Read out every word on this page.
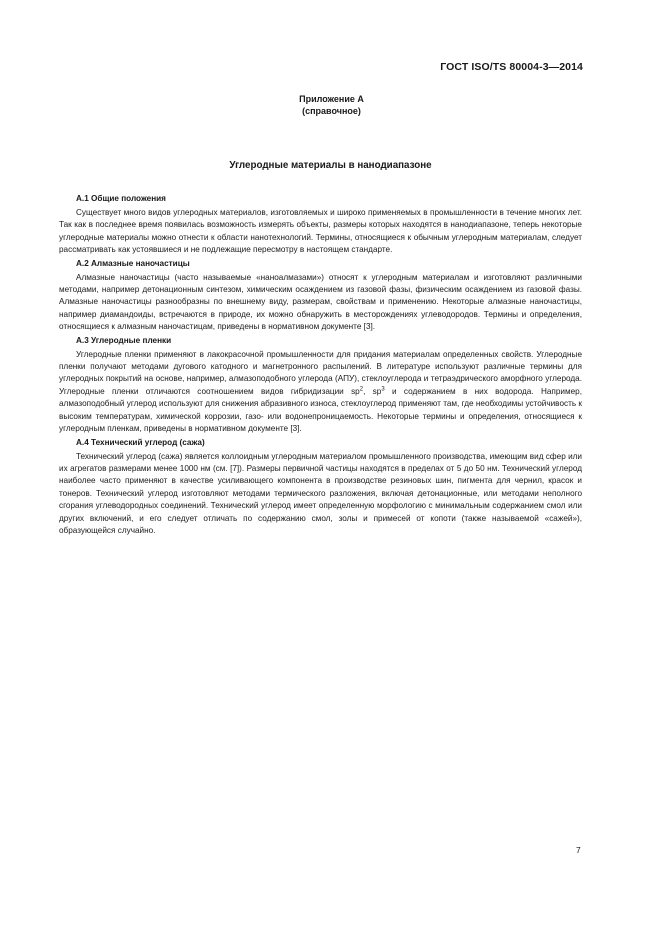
ГОСТ ISO/TS 80004-3—2014
Приложение А
(справочное)
Углеродные материалы в нанодиапазоне

А.1 Общие положения

Существует много видов углеродных материалов, изготовляемых и широко применяемых в промышленности в течение многих лет. Так как в последнее время появилась возможность измерять объекты, размеры которых находятся в нанодиапазоне, теперь некоторые углеродные материалы можно отнести к области нанотехнологий. Термины, относящиеся к обычным углеродным материалам, следует рассматривать как устоявшиеся и не подлежащие пересмотру в настоящем стандарте.

А.2 Алмазные наночастицы

Алмазные наночастицы (часто называемые «наноалмазами») относят к углеродным материалам и изготовляют различными методами, например детонационным синтезом, химическим осаждением из газовой фазы, физическим осаждением из газовой фазы. Алмазные наночастицы разнообразны по внешнему виду, размерам, свойствам и применению. Некоторые алмазные наночастицы, например диамандоиды, встречаются в природе, их можно обнаружить в месторождениях углеводородов. Термины и определения, относящиеся к алмазным наночастицам, приведены в нормативном документе [3].

А.3 Углеродные пленки

Углеродные пленки применяют в лакокрасочной промышленности для придания материалам определенных свойств. Углеродные пленки получают методами дугового катодного и магнетронного распылений. В литературе используют различные термины для углеродных покрытий на основе, например, алмазоподобного углерода (АПУ), стеклоуглерода и тетраэдрического аморфного углерода. Углеродные пленки отличаются соотношением видов гибридизации $sp^2$, $sp^3$ и содержанием в них водорода. Например, алмазоподобный углерод используют для снижения абразивного износа, стеклоуглерод применяют там, где необходимы устойчивость к высоким температурам, химической коррозии, газо- или водонепроницаемость. Некоторые термины и определения, относящиеся к углеродным пленкам, приведены в нормативном документе [3].

А.4 Технический углерод (сажа)

Технический углерод (сажа) является коллоидным углеродным материалом промышленного производства, имеющим вид сфер или их агрегатов размерами менее 1000 нм (см. [7]). Размеры первичной частицы находятся в пределах от 5 до 50 нм. Технический углерод наиболее часто применяют в качестве усиливающего компонента в производстве резиновых шин, пигмента для чернил, красок и тонеров. Технический углерод изготовляют методами термического разложения, включая детонационные, или методами неполного сгорания углеводородных соединений. Технический углерод имеет определенную морфологию с минимальным содержанием смол или других включений, и его следует отличать по содержанию смол, золы и примесей от копоти (также называемой «сажей»), образующейся случайно.

7
